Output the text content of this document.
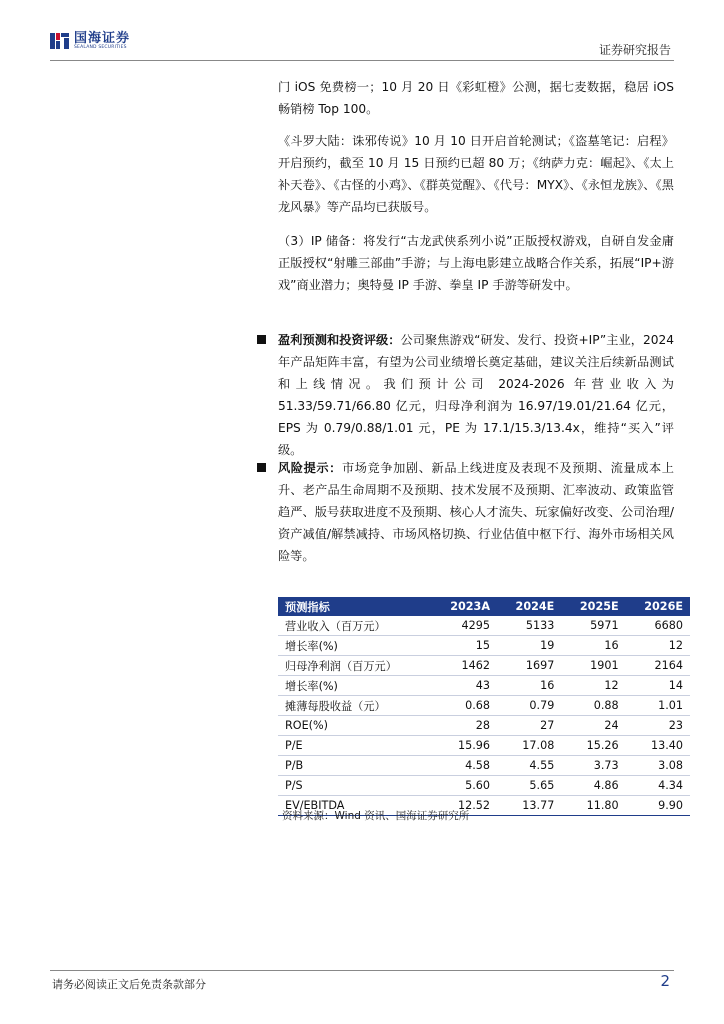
国海证券
SEALAND SECURITIES	证券研究报告

门 iOS 免费榜一；10 月 20 日《彩虹橙》公测，据七麦数据，稳居 iOS 畅销榜 Top 100。

《斗罗大陆：诛邪传说》10 月 10 日开启首轮测试；《盗墓笔记：启程》开启预约，截至 10 月 15 日预约已超 80 万；《纳萨力克：崛起》、《太上补天卷》、《古怪的小鸡》、《群英觉醒》、《代号：MYX》、《永恒龙族》、《黑龙风暴》等产品均已获版号。

（3）IP 储备：将发行“古龙武侠系列小说”正版授权游戏，自研自发金庸正版授权“射雕三部曲”手游；与上海电影建立战略合作关系，拓展“IP+游戏”商业潜力；奥特曼 IP 手游、拳皇 IP 手游等研发中。

盈利预测和投资评级：公司聚焦游戏“研发、发行、投资+IP”主业，2024 年产品矩阵丰富，有望为公司业绩增长奠定基础，建议关注后续新品测试和上线情况。我们预计公司 2024-2026 年营业收入为 51.33/59.71/66.80 亿元，归母净利润为 16.97/19.01/21.64 亿元，EPS 为 0.79/0.88/1.01 元，PE 为 17.1/15.3/13.4x，维持“买入”评级。

风险提示：市场竞争加剧、新品上线进度及表现不及预期、流量成本上升、老产品生命周期不及预期、技术发展不及预期、汇率波动、政策监管趋严、版号获取进度不及预期、核心人才流失、玩家偏好改变、公司治理/资产减值/解禁减持、市场风格切换、行业估值中枢下行、海外市场相关风险等。

预测指标	2023A	2024E	2025E	2026E
营业收入（百万元）	4295	5133	5971	6680
增长率(%)	15	19	16	12
归母净利润（百万元）	1462	1697	1901	2164
增长率(%)	43	16	12	14
摊薄每股收益（元）	0.68	0.79	0.88	1.01
ROE(%)	28	27	24	23
P/E	15.96	17.08	15.26	13.40
P/B	4.58	4.55	3.73	3.08
P/S	5.60	5.65	4.86	4.34
EV/EBITDA	12.52	13.77	11.80	9.90
资料来源：Wind 资讯、国海证券研究所
请务必阅读正文后免责条款部分	2
